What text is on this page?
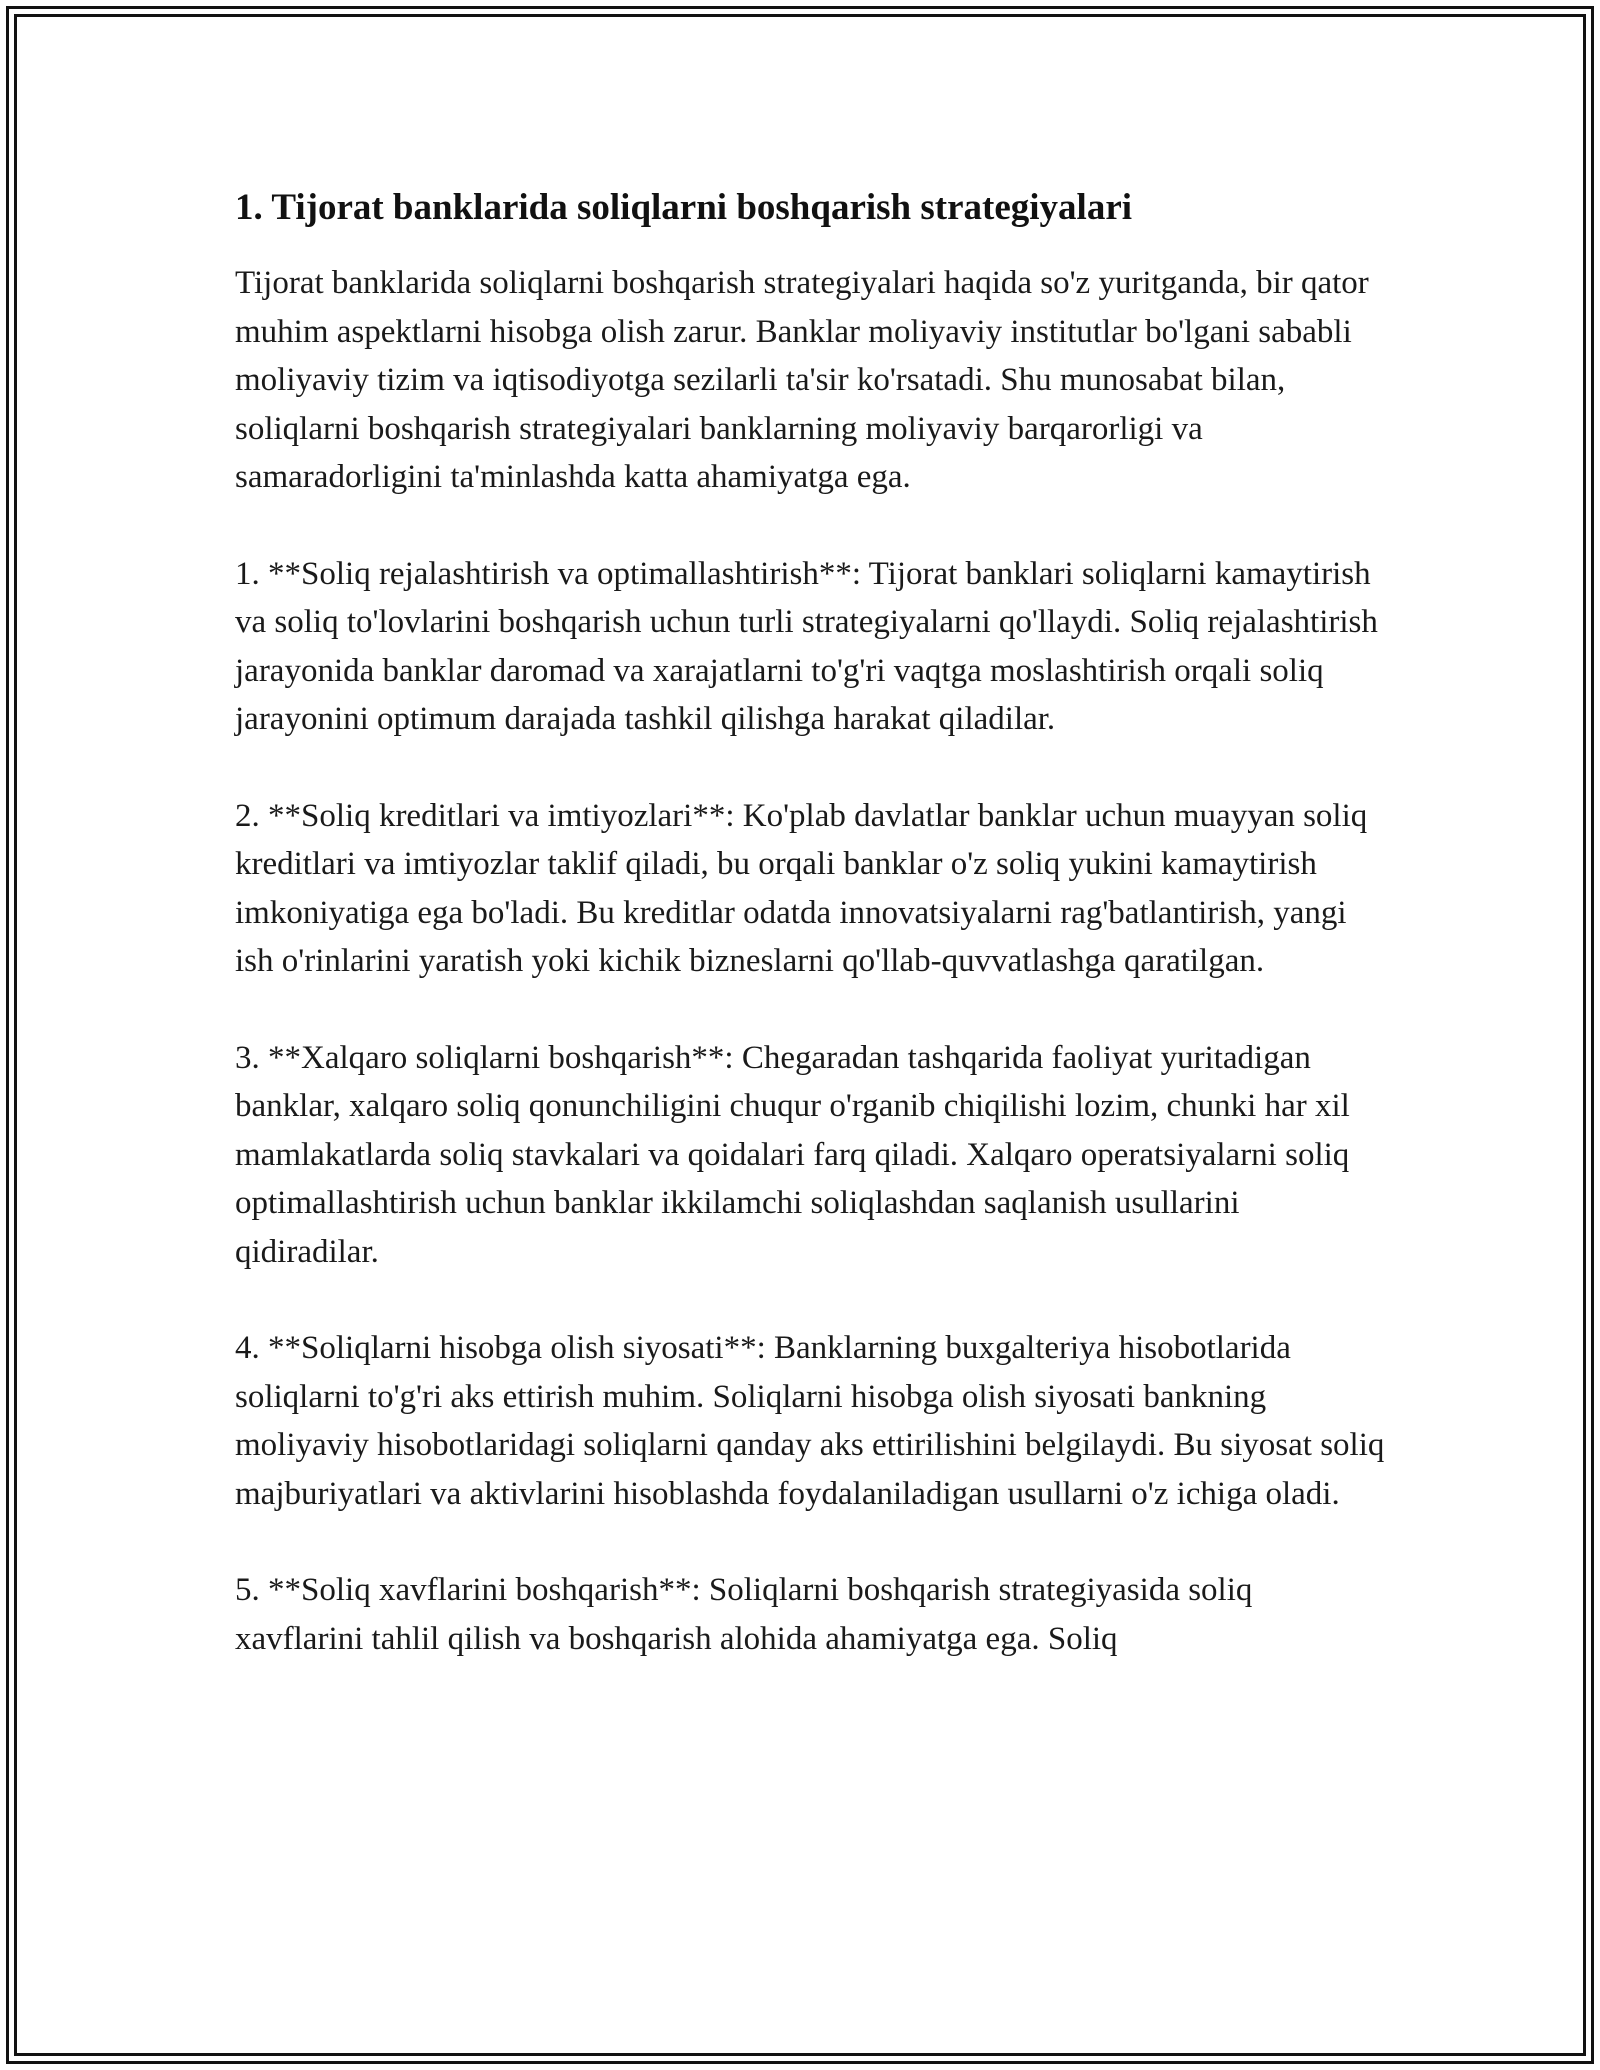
1. Tijorat banklarida soliqlarni boshqarish strategiyalari

Tijorat banklarida soliqlarni boshqarish strategiyalari haqida so'z yuritganda, bir qator muhim aspektlarni hisobga olish zarur. Banklar moliyaviy institutlar bo'lgani sababli moliyaviy tizim va iqtisodiyotga sezilarli ta'sir ko'rsatadi. Shu munosabat bilan, soliqlarni boshqarish strategiyalari banklarning moliyaviy barqarorligi va samaradorligini ta'minlashda katta ahamiyatga ega.

1. **Soliq rejalashtirish va optimallashtirish**: Tijorat banklari soliqlarni kamaytirish va soliq to'lovlarini boshqarish uchun turli strategiyalarni qo'llaydi. Soliq rejalashtirish jarayonida banklar daromad va xarajatlarni to'g'ri vaqtga moslashtirish orqali soliq jarayonini optimum darajada tashkil qilishga harakat qiladilar.

2. **Soliq kreditlari va imtiyozlari**: Ko'plab davlatlar banklar uchun muayyan soliq kreditlari va imtiyozlar taklif qiladi, bu orqali banklar o'z soliq yukini kamaytirish imkoniyatiga ega bo'ladi. Bu kreditlar odatda innovatsiyalarni rag'batlantirish, yangi ish o'rinlarini yaratish yoki kichik bizneslarni qo'llab-quvvatlashga qaratilgan.

3. **Xalqaro soliqlarni boshqarish**: Chegaradan tashqarida faoliyat yuritadigan banklar, xalqaro soliq qonunchiligini chuqur o'rganib chiqilishi lozim, chunki har xil mamlakatlarda soliq stavkalari va qoidalari farq qiladi. Xalqaro operatsiyalarni soliq optimallashtirish uchun banklar ikkilamchi soliqlashdan saqlanish usullarini qidiradilar.

4. **Soliqlarni hisobga olish siyosati**: Banklarning buxgalteriya hisobotlarida soliqlarni to'g'ri aks ettirish muhim. Soliqlarni hisobga olish siyosati bankning moliyaviy hisobotlaridagi soliqlarni qanday aks ettirilishini belgilaydi. Bu siyosat soliq majburiyatlari va aktivlarini hisoblashda foydalaniladigan usullarni o'z ichiga oladi.

5. **Soliq xavflarini boshqarish**: Soliqlarni boshqarish strategiyasida soliq xavflarini tahlil qilish va boshqarish alohida ahamiyatga ega. Soliq
